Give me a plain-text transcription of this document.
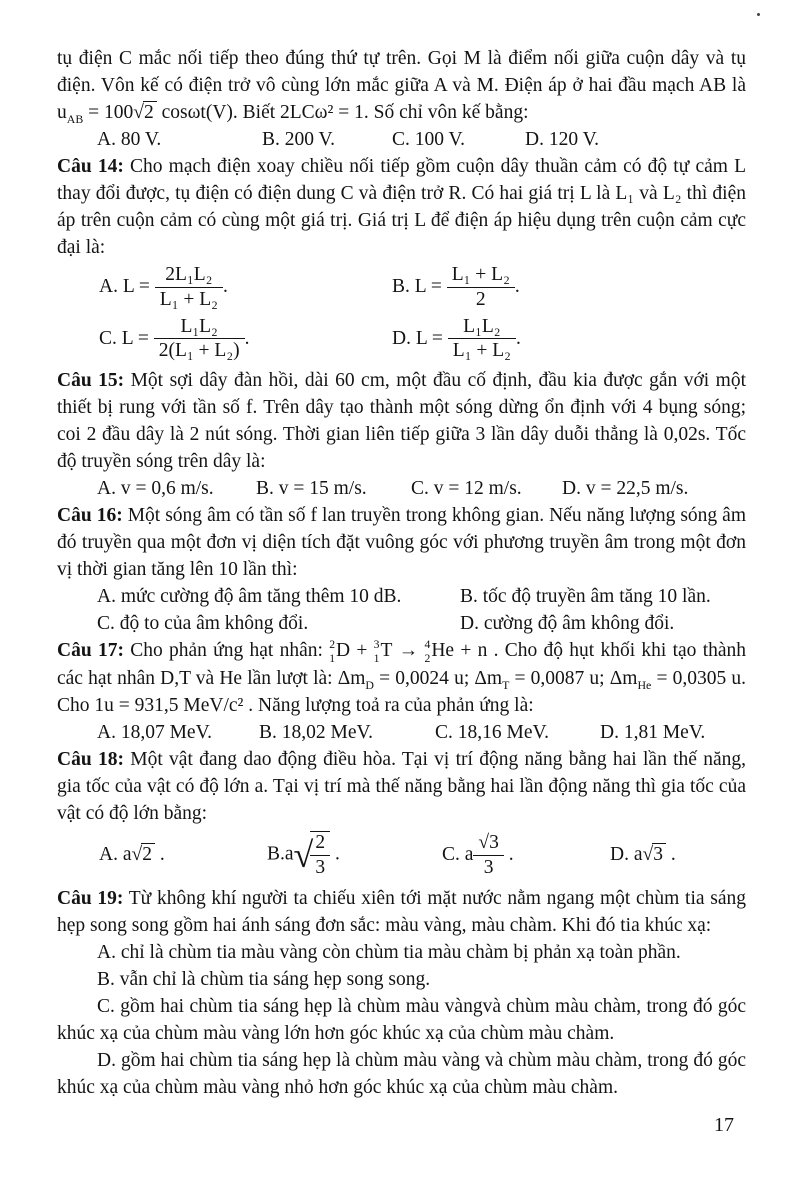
tụ điện C mắc nối tiếp theo đúng thứ tự trên. Gọi M là điểm nối giữa cuộn dây và tụ điện. Vôn kế có điện trở vô cùng lớn mắc giữa A và M. Điện áp ở hai đầu mạch AB là $u_{AB} = 100√2$ cosωt(V). Biết 2LCω² = 1. Số chỉ vôn kế bằng:

A. 80 V.	B. 200 V.	C. 100 V.	D. 120 V.

Câu 14: Cho mạch điện xoay chiều nối tiếp gồm cuộn dây thuần cảm có độ tự cảm L thay đổi được, tụ điện có điện dung C và điện trở R. Có hai giá trị L là L₁ và L₂ thì điện áp trên cuộn cảm có cùng một giá trị. Giá trị L để điện áp hiệu dụng trên cuộn cảm cực đại là:

A. $L = \frac{\text{2L₁L₂}}{\text{L₁ + L₂}}$ .	B. $L = \frac{\text{L₁ + L₂}}{2}$ .
C. $L = \frac{\text{L₁L₂}}{\text{2(L₁ + L₂)}}$ .	D. $L = \frac{\text{L₁L₂}}{\text{L₁ + L₂}}$ .

Câu 15: Một sợi dây đàn hồi, dài 60 cm, một đầu cố định, đầu kia được gắn với một thiết bị rung với tần số f. Trên dây tạo thành một sóng dừng ổn định với 4 bụng sóng; coi 2 đầu dây là 2 nút sóng. Thời gian liên tiếp giữa 3 lần dây duỗi thẳng là 0,02s. Tốc độ truyền sóng trên dây là:

A. v = 0,6 m/s.	B. v = 15 m/s.	C. v = 12 m/s.	D. v = 22,5 m/s.

Câu 16: Một sóng âm có tần số f lan truyền trong không gian. Nếu năng lượng sóng âm đó truyền qua một đơn vị diện tích đặt vuông góc với phương truyền âm trong một đơn vị thời gian tăng lên 10 lần thì:

A. mức cường độ âm tăng thêm 10 dB.	B. tốc độ truyền âm tăng 10 lần.
C. độ to của âm không đổi.	D. cường độ âm không đổi.

Câu 17: Cho phản ứng hạt nhân: 2
1 D + 3
1 T → 4
2 He + n . Cho độ hụt khối khi tạo thành các hạt nhân D,T và He lần lượt là: $\Delta m_D = 0,0024$ u; $\Delta m_T = 0,0087$ u; $\Delta m_{He} = 0,0305$ u. Cho 1u = 931,5 MeV/c² . Năng lượng toả ra của phản ứng là:

A. 18,07 MeV.	B. 18,02 MeV.	C. 18,16 MeV.	D. 1,81 MeV.

Câu 18: Một vật đang dao động điều hòa. Tại vị trí động năng bằng hai lần thế năng, gia tốc của vật có độ lớn a. Tại vị trí mà thế năng bằng hai lần động năng thì gia tốc của vật có độ lớn bằng:

A. a√2 .	B.a√
$\frac{2}{3}$ .	C. a $\frac{√3}{3}$ .	D. a√3 .

Câu 19: Từ không khí người ta chiếu xiên tới mặt nước nằm ngang một chùm tia sáng hẹp song song gồm hai ánh sáng đơn sắc: màu vàng, màu chàm. Khi đó tia khúc xạ:

A. chỉ là chùm tia màu vàng còn chùm tia màu chàm bị phản xạ toàn phần.

B. vẫn chỉ là chùm tia sáng hẹp song song.

C. gồm hai chùm tia sáng hẹp là chùm màu vàngvà chùm màu chàm, trong đó góc khúc xạ của chùm màu vàng lớn hơn góc khúc xạ của chùm màu chàm.

D. gồm hai chùm tia sáng hẹp là chùm màu vàng và chùm màu chàm, trong đó góc khúc xạ của chùm màu vàng nhỏ hơn góc khúc xạ của chùm màu chàm.

17
